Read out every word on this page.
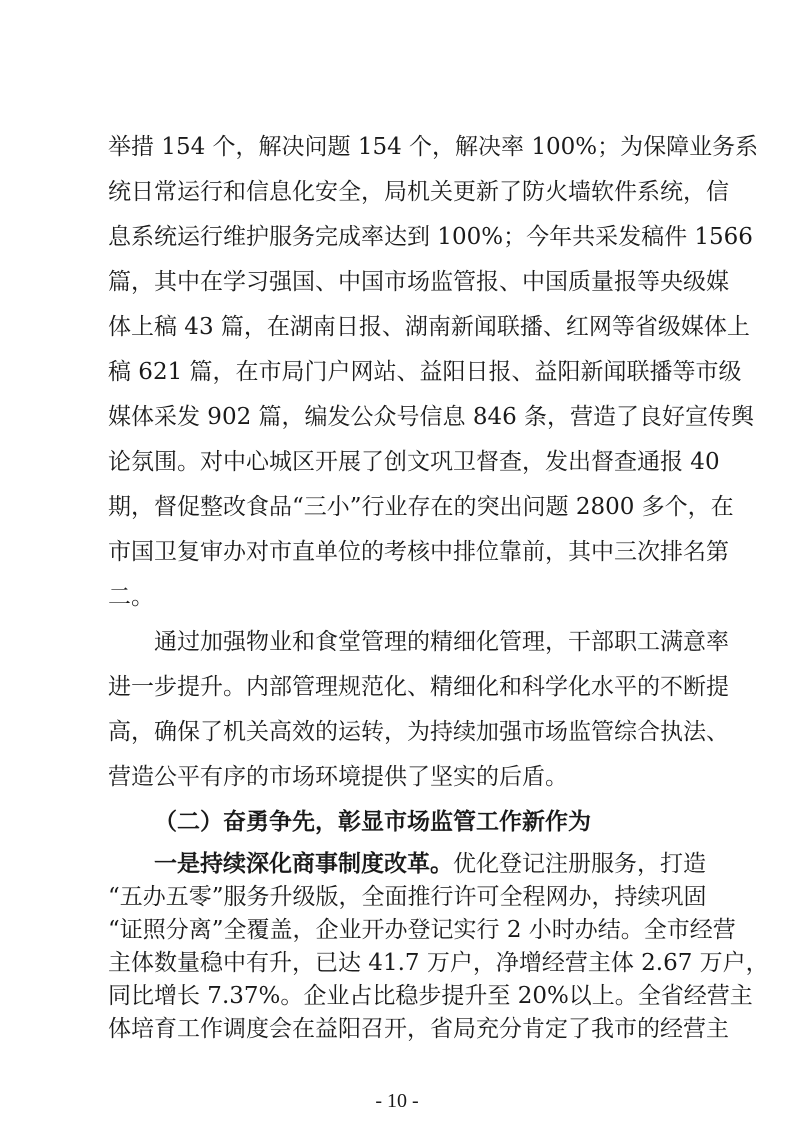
举措 154 个，解决问题 154 个，解决率 100%；为保障业务系
统日常运行和信息化安全，局机关更新了防火墙软件系统，信
息系统运行维护服务完成率达到 100%；今年共采发稿件 1566
篇，其中在学习强国、中国市场监管报、中国质量报等央级媒
体上稿 43 篇，在湖南日报、湖南新闻联播、红网等省级媒体上
稿 621 篇，在市局门户网站、益阳日报、益阳新闻联播等市级
媒体采发 902 篇，编发公众号信息 846 条，营造了良好宣传舆
论氛围。对中心城区开展了创文巩卫督查，发出督查通报 40
期，督促整改食品“三小”行业存在的突出问题 2800 多个，在
市国卫复审办对市直单位的考核中排位靠前，其中三次排名第
二。
通过加强物业和食堂管理的精细化管理，干部职工满意率
进一步提升。内部管理规范化、精细化和科学化水平的不断提
高，确保了机关高效的运转，为持续加强市场监管综合执法、
营造公平有序的市场环境提供了坚实的后盾。
（二）奋勇争先，彰显市场监管工作新作为
一是持续深化商事制度改革。优化登记注册服务，打造
“五办五零”服务升级版，全面推行许可全程网办，持续巩固
“证照分离”全覆盖，企业开办登记实行 2 小时办结。全市经营
主体数量稳中有升，已达 41.7 万户，净增经营主体 2.67 万户，
同比增长 7.37%。企业占比稳步提升至 20%以上。全省经营主
体培育工作调度会在益阳召开，省局充分肯定了我市的经营主
- 10 -
